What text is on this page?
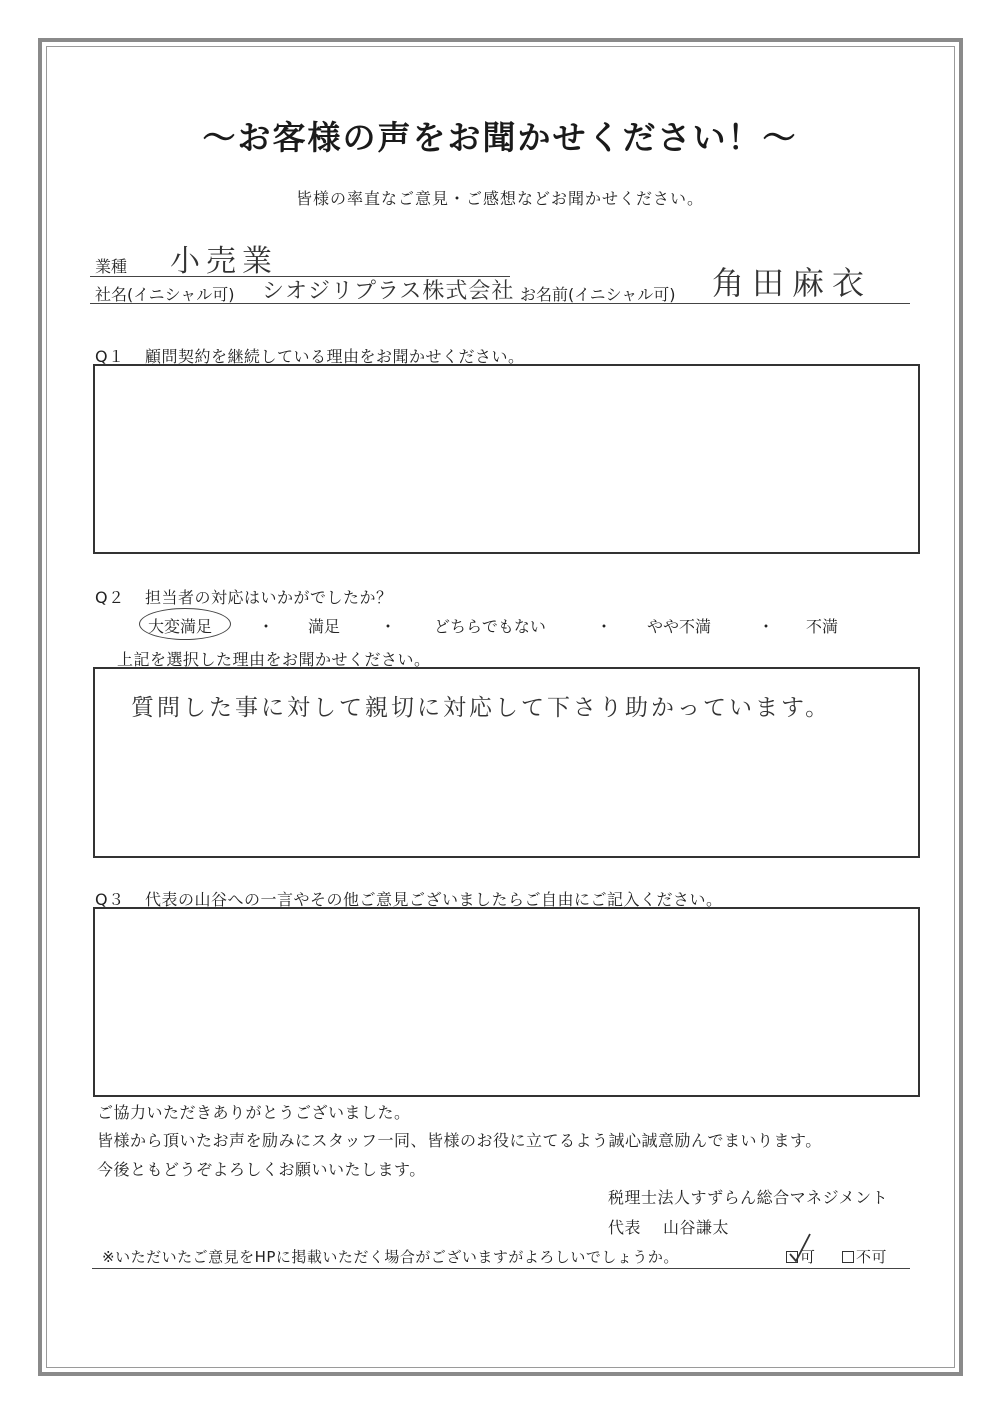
〜お客様の声をお聞かせください！〜
皆様の率直なご意見・ご感想などお聞かせください。
業種 小売業
社名(イニシャル可) シオジリプラス株式会社 お名前(イニシャル可) 角田麻衣
Q１ 顧問契約を継続している理由をお聞かせください。
Q２ 担当者の対応はいかがでしたか？
大変満足	・ 満足 ・ どちらでもない	・ やや不満	・ 不満
上記を選択した理由をお聞かせください。
質問した事に対して親切に対応して下さり助かっています。
Q３ 代表の山谷への一言やその他ご意見ございましたらご自由にご記入ください。
ご協力いただきありがとうございました。
皆様から頂いたお声を励みにスタッフ一同、皆様のお役に立てるよう誠心誠意励んでまいります。
今後ともどうぞよろしくお願いいたします。
税理士法人すずらん総合マネジメント
代表 山谷謙太
※いただいたご意見をHPに掲載いただく場合がございますがよろしいでしょうか。	可	不可
